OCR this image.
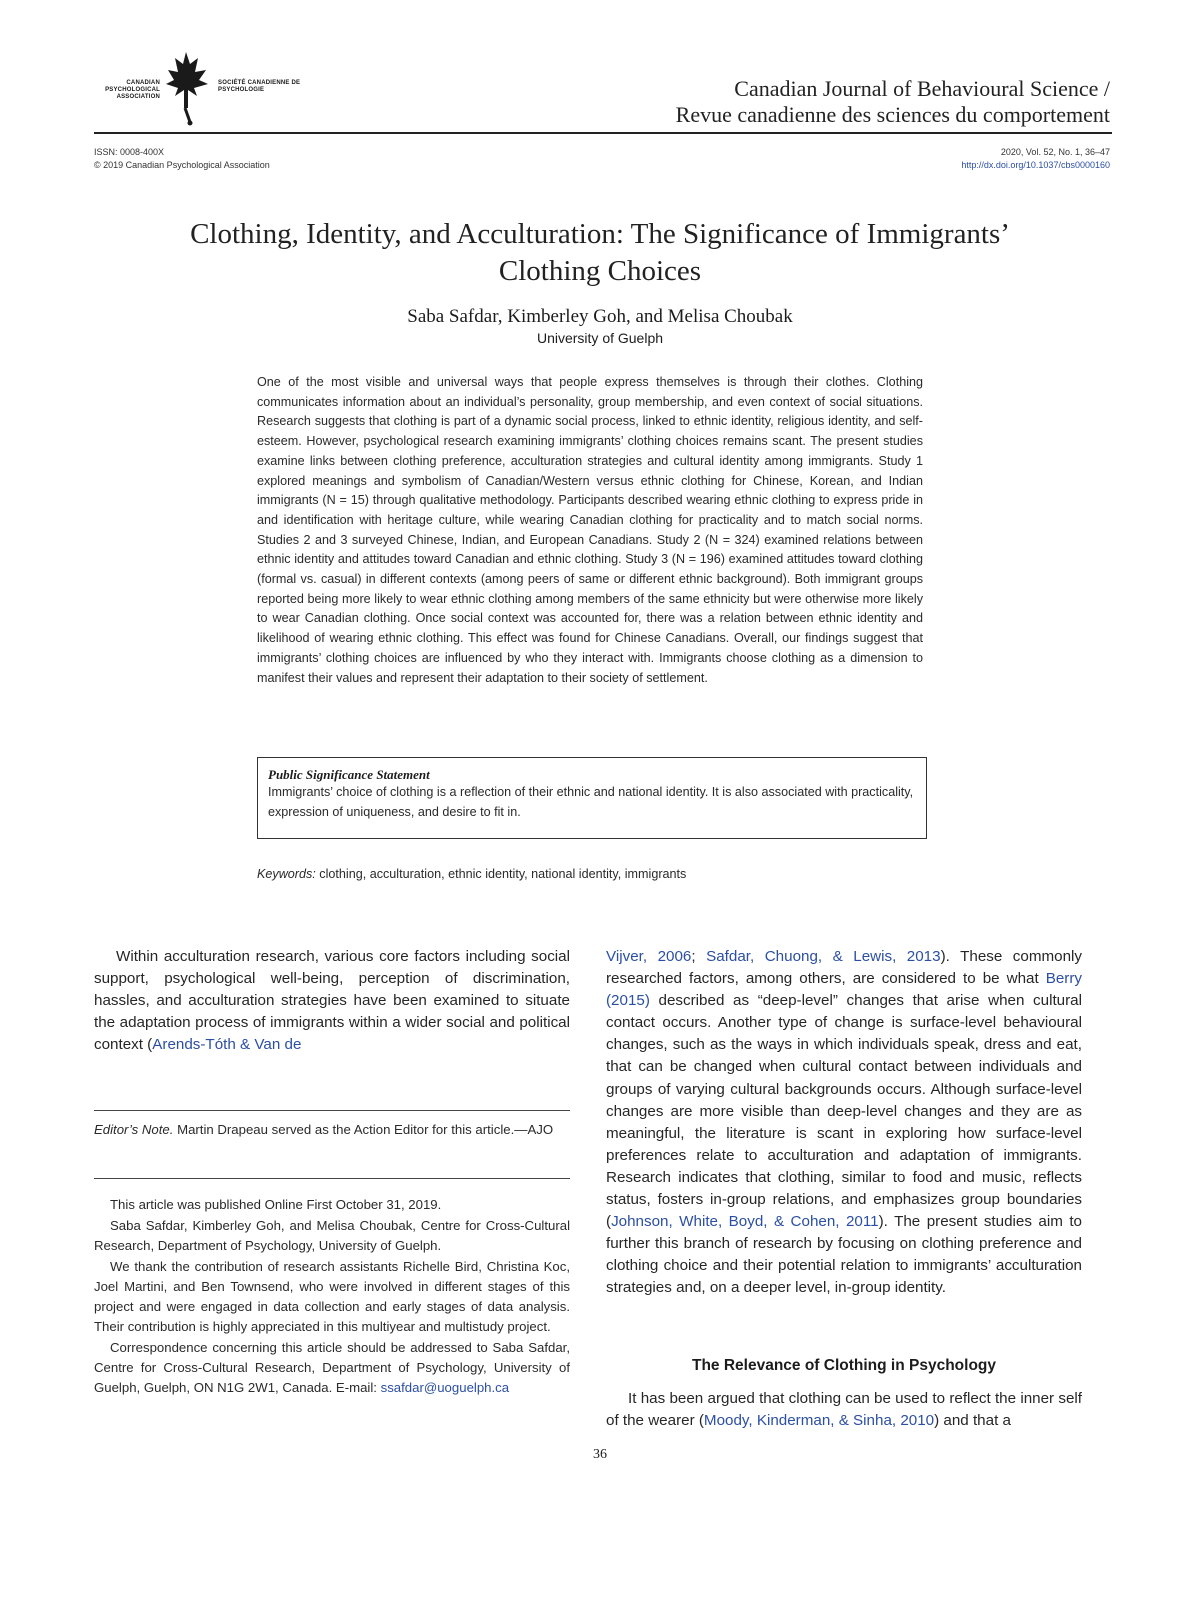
CANADIAN PSYCHOLOGICAL ASSOCIATION
SOCIÉTÉ CANADIENNE DE PSYCHOLOGIE	Canadian Journal of Behavioural Science /
Revue canadienne des sciences du comportement
ISSN: 0008-400X
© 2019 Canadian Psychological Association
2020, Vol. 52, No. 1, 36–47
http://dx.doi.org/10.1037/cbs0000160
Clothing, Identity, and Acculturation: The Significance of Immigrants’
Clothing Choices
Saba Safdar, Kimberley Goh, and Melisa Choubak
University of Guelph

One of the most visible and universal ways that people express themselves is through their clothes. Clothing communicates information about an individual’s personality, group membership, and even context of social situations. Research suggests that clothing is part of a dynamic social process, linked to ethnic identity, religious identity, and self-esteem. However, psychological research examining immigrants’ clothing choices remains scant. The present studies examine links between clothing preference, acculturation strategies and cultural identity among immigrants. Study 1 explored meanings and symbolism of Canadian/Western versus ethnic clothing for Chinese, Korean, and Indian immigrants (N = 15) through qualitative methodology. Participants described wearing ethnic clothing to express pride in and identification with heritage culture, while wearing Canadian clothing for practicality and to match social norms. Studies 2 and 3 surveyed Chinese, Indian, and European Canadians. Study 2 (N = 324) examined relations between ethnic identity and attitudes toward Canadian and ethnic clothing. Study 3 (N = 196) examined attitudes toward clothing (formal vs. casual) in different contexts (among peers of same or different ethnic background). Both immigrant groups reported being more likely to wear ethnic clothing among members of the same ethnicity but were otherwise more likely to wear Canadian clothing. Once social context was accounted for, there was a relation between ethnic identity and likelihood of wearing ethnic clothing. This effect was found for Chinese Canadians. Overall, our findings suggest that immigrants’ clothing choices are influenced by who they interact with. Immigrants choose clothing as a dimension to manifest their values and represent their adaptation to their society of settlement.

Public Significance Statement
Immigrants’ choice of clothing is a reflection of their ethnic and national identity. It is also associated with practicality, expression of uniqueness, and desire to fit in.
Keywords: clothing, acculturation, ethnic identity, national identity, immigrants

Within acculturation research, various core factors including social support, psychological well-being, perception of discrimination, hassles, and acculturation strategies have been examined to situate the adaptation process of immigrants within a wider social and political context (Arends-Tóth & Van de

Editor’s Note. Martin Drapeau served as the Action Editor for this article.—AJO

This article was published Online First October 31, 2019.

Saba Safdar, Kimberley Goh, and Melisa Choubak, Centre for Cross-Cultural Research, Department of Psychology, University of Guelph.

We thank the contribution of research assistants Richelle Bird, Christina Koc, Joel Martini, and Ben Townsend, who were involved in different stages of this project and were engaged in data collection and early stages of data analysis. Their contribution is highly appreciated in this multiyear and multistudy project.

Correspondence concerning this article should be addressed to Saba Safdar, Centre for Cross-Cultural Research, Department of Psychology, University of Guelph, Guelph, ON N1G 2W1, Canada. E-mail: ssafdar@uoguelph.ca

Vijver, 2006; Safdar, Chuong, & Lewis, 2013). These commonly researched factors, among others, are considered to be what Berry (2015) described as “deep-level” changes that arise when cultural contact occurs. Another type of change is surface-level behavioural changes, such as the ways in which individuals speak, dress and eat, that can be changed when cultural contact between individuals and groups of varying cultural backgrounds occurs. Although surface-level changes are more visible than deep-level changes and they are as meaningful, the literature is scant in exploring how surface-level preferences relate to acculturation and adaptation of immigrants. Research indicates that clothing, similar to food and music, reflects status, fosters in-group relations, and emphasizes group boundaries (Johnson, White, Boyd, & Cohen, 2011). The present studies aim to further this branch of research by focusing on clothing preference and clothing choice and their potential relation to immigrants’ acculturation strategies and, on a deeper level, in-group identity.

The Relevance of Clothing in Psychology
It has been argued that clothing can be used to reflect the inner self of the wearer (Moody, Kinderman, & Sinha, 2010) and that a
36
